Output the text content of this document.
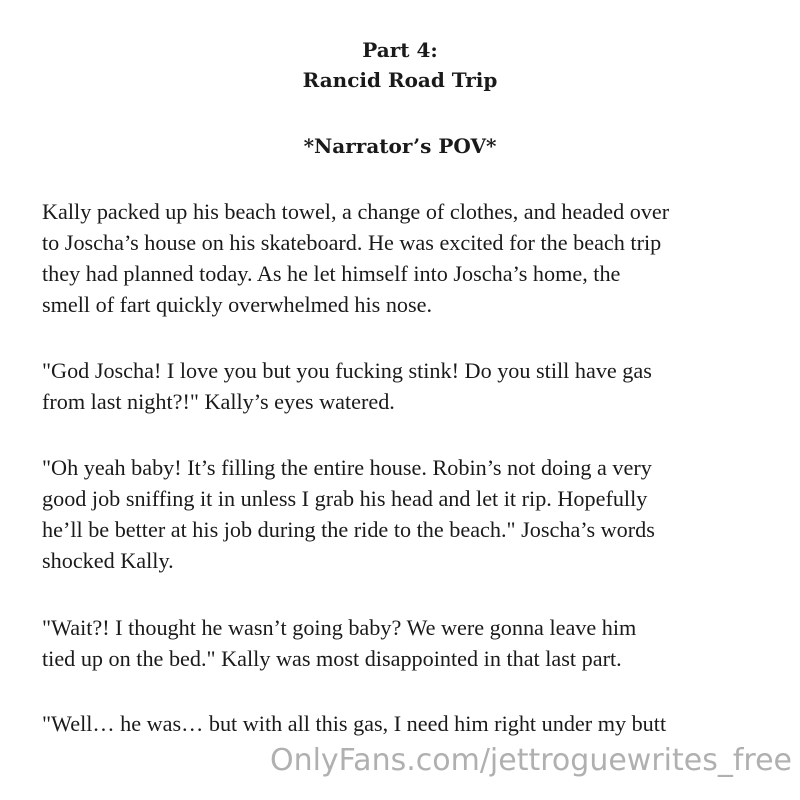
Part 4:
Rancid Road Trip
*Narrator’s POV*

Kally packed up his beach towel, a change of clothes, and headed over
to Joscha’s house on his skateboard. He was excited for the beach trip
they had planned today. As he let himself into Joscha’s home, the
smell of fart quickly overwhelmed his nose.

"God Joscha! I love you but you fucking stink! Do you still have gas
from last night?!" Kally’s eyes watered.

"Oh yeah baby! It’s filling the entire house. Robin’s not doing a very
good job sniffing it in unless I grab his head and let it rip. Hopefully
he’ll be better at his job during the ride to the beach." Joscha’s words
shocked Kally.

"Wait?! I thought he wasn’t going baby? We were gonna leave him
tied up on the bed." Kally was most disappointed in that last part.

"Well… he was… but with all this gas, I need him right under my butt

OnlyFans.com/jettroguewrites_free
